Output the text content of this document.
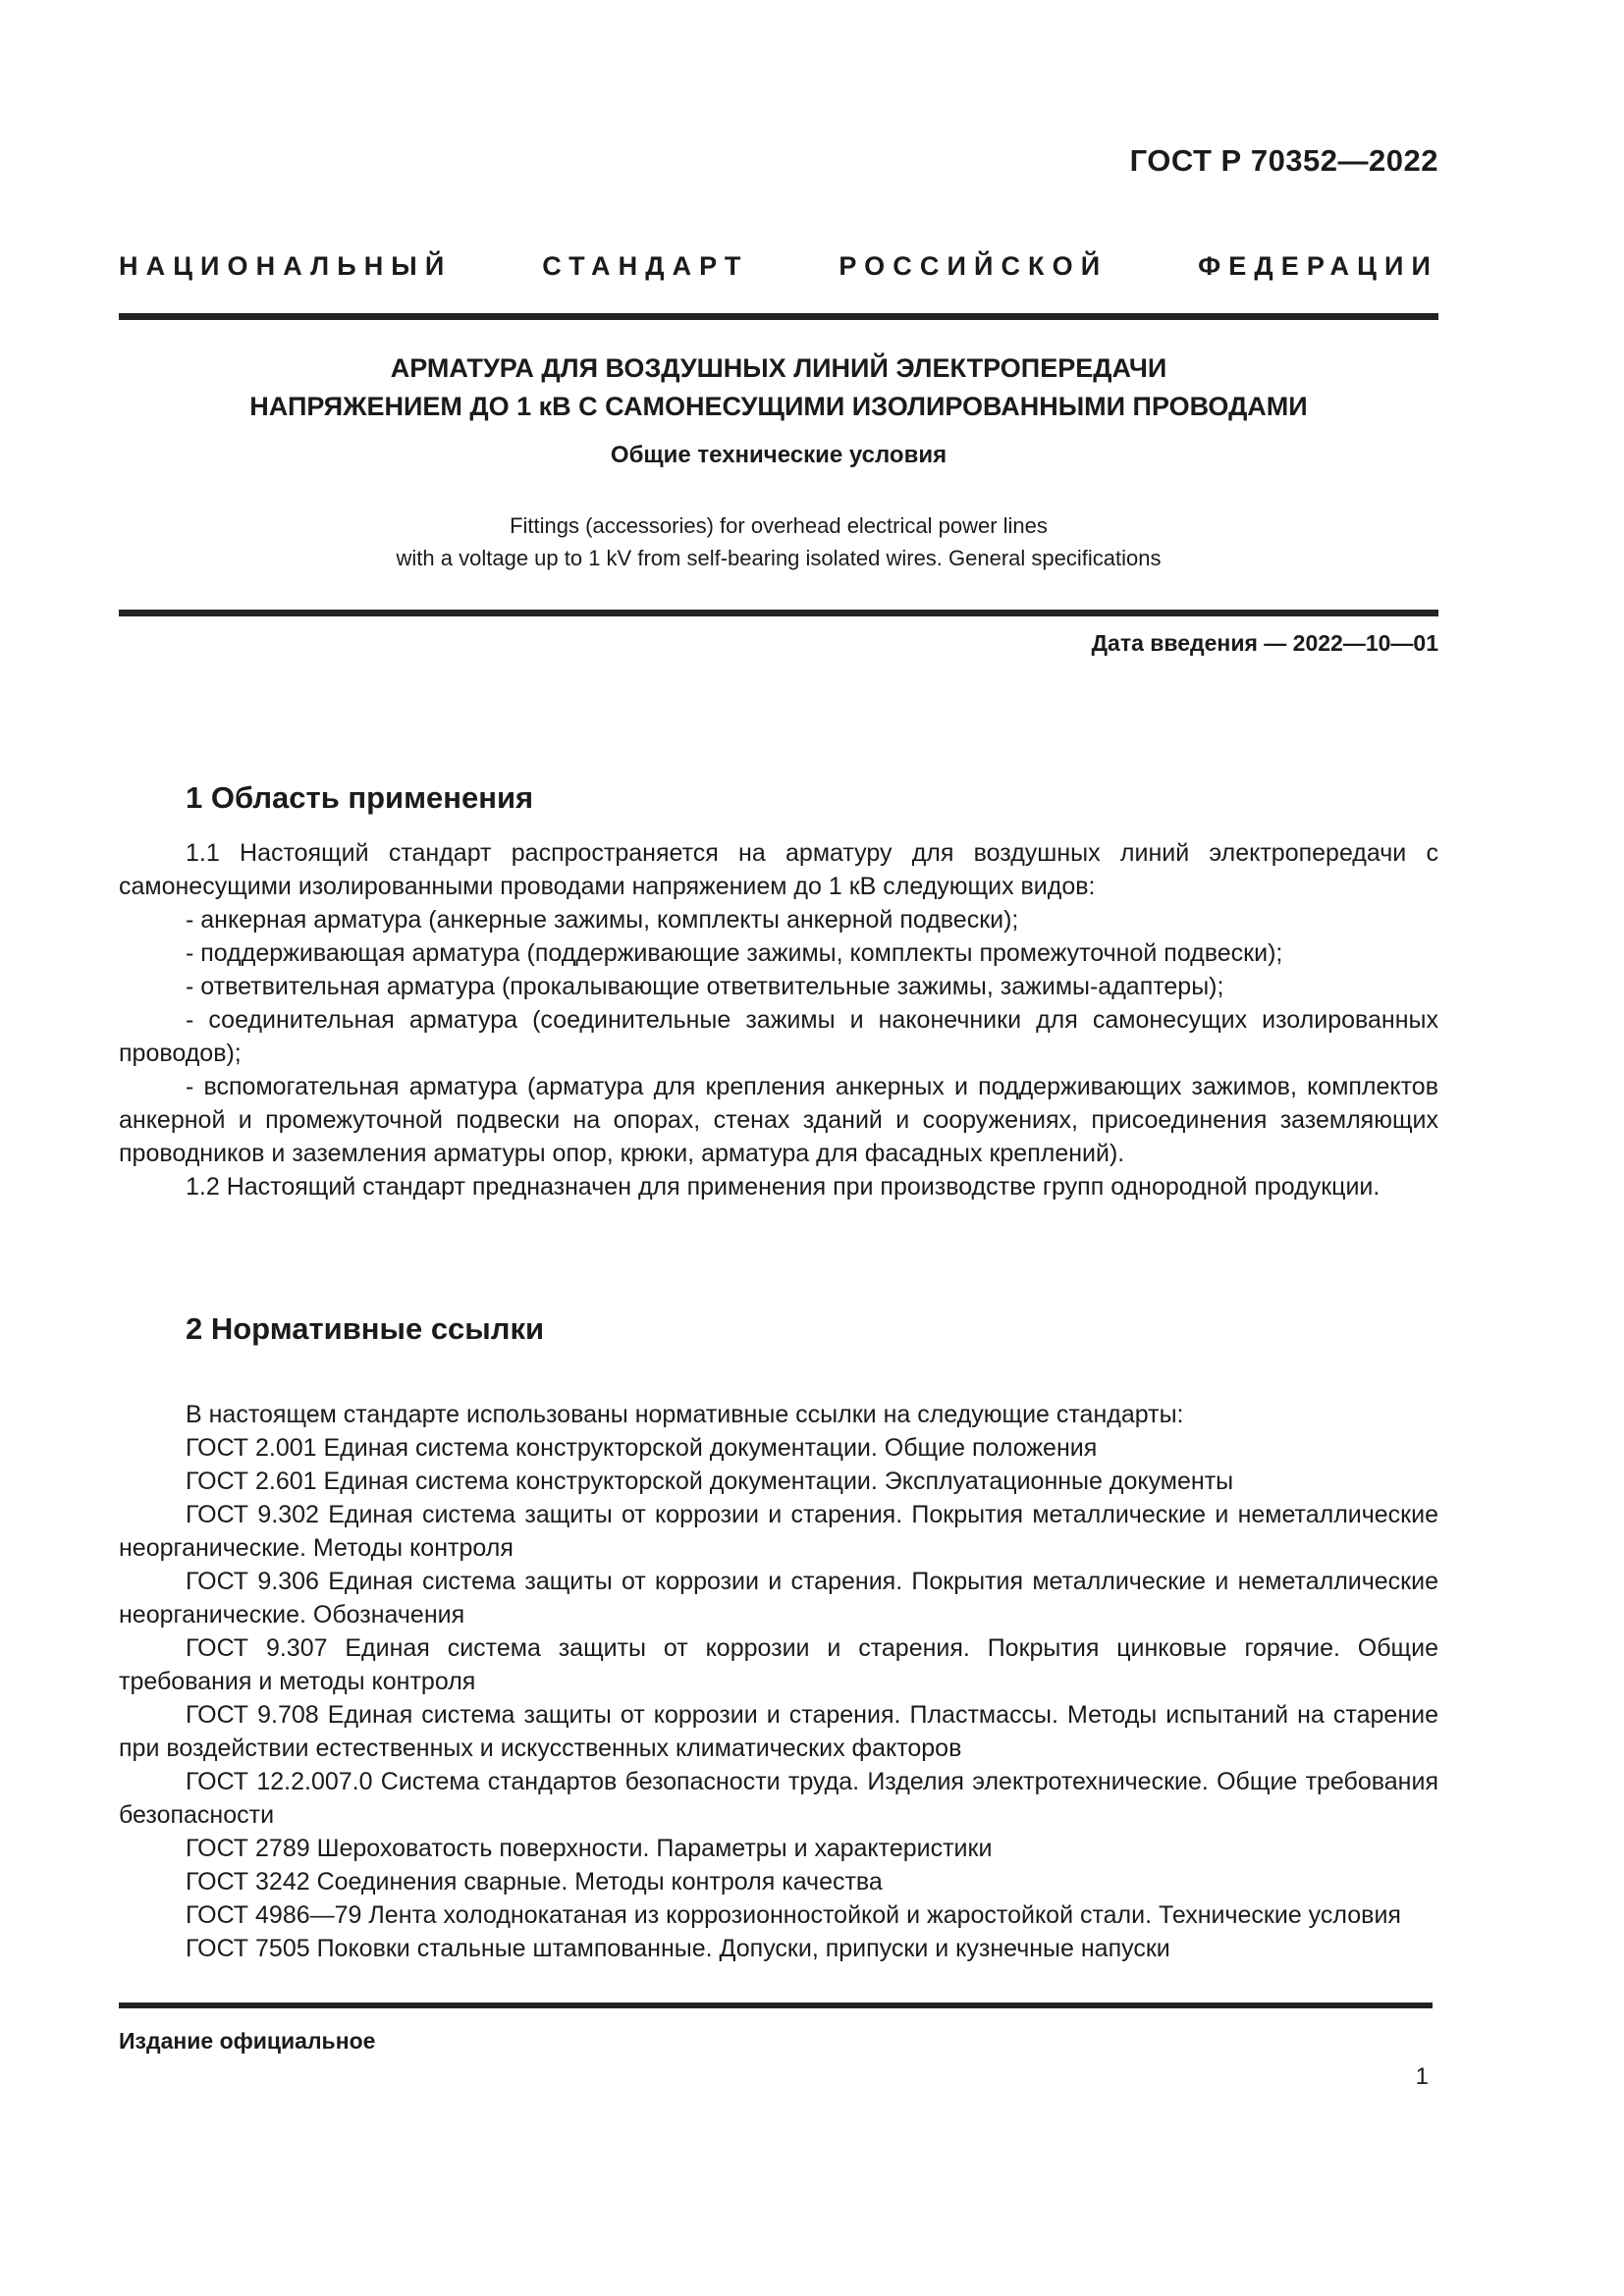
ГОСТ Р 70352—2022
НАЦИОНАЛЬНЫЙ СТАНДАРТ РОССИЙСКОЙ ФЕДЕРАЦИИ
АРМАТУРА ДЛЯ ВОЗДУШНЫХ ЛИНИЙ ЭЛЕКТРОПЕРЕДАЧИ
НАПРЯЖЕНИЕМ ДО 1 кВ С САМОНЕСУЩИМИ ИЗОЛИРОВАННЫМИ ПРОВОДАМИ
Общие технические условия
Fittings (accessories) for overhead electrical power lines
with a voltage up to 1 kV from self-bearing isolated wires. General specifications
Дата введения — 2022—10—01
1 Область применения

1.1 Настоящий стандарт распространяется на арматуру для воздушных линий электропередачи с самонесущими изолированными проводами напряжением до 1 кВ следующих видов:

- анкерная арматура (анкерные зажимы, комплекты анкерной подвески);

- поддерживающая арматура (поддерживающие зажимы, комплекты промежуточной подвески);

- ответвительная арматура (прокалывающие ответвительные зажимы, зажимы-адаптеры);

- соединительная арматура (соединительные зажимы и наконечники для самонесущих изолированных проводов);

- вспомогательная арматура (арматура для крепления анкерных и поддерживающих зажимов, комплектов анкерной и промежуточной подвески на опорах, стенах зданий и сооружениях, присоединения заземляющих проводников и заземления арматуры опор, крюки, арматура для фасадных креплений).

1.2 Настоящий стандарт предназначен для применения при производстве групп однородной продукции.

2 Нормативные ссылки

В настоящем стандарте использованы нормативные ссылки на следующие стандарты:

ГОСТ 2.001 Единая система конструкторской документации. Общие положения

ГОСТ 2.601 Единая система конструкторской документации. Эксплуатационные документы

ГОСТ 9.302 Единая система защиты от коррозии и старения. Покрытия металлические и неметаллические неорганические. Методы контроля

ГОСТ 9.306 Единая система защиты от коррозии и старения. Покрытия металлические и неметаллические неорганические. Обозначения

ГОСТ 9.307 Единая система защиты от коррозии и старения. Покрытия цинковые горячие. Общие требования и методы контроля

ГОСТ 9.708 Единая система защиты от коррозии и старения. Пластмассы. Методы испытаний на старение при воздействии естественных и искусственных климатических факторов

ГОСТ 12.2.007.0 Система стандартов безопасности труда. Изделия электротехнические. Общие требования безопасности

ГОСТ 2789 Шероховатость поверхности. Параметры и характеристики

ГОСТ 3242 Соединения сварные. Методы контроля качества

ГОСТ 4986—79 Лента холоднокатаная из коррозионностойкой и жаростойкой стали. Технические условия

ГОСТ 7505 Поковки стальные штампованные. Допуски, припуски и кузнечные напуски

Издание официальное
1
